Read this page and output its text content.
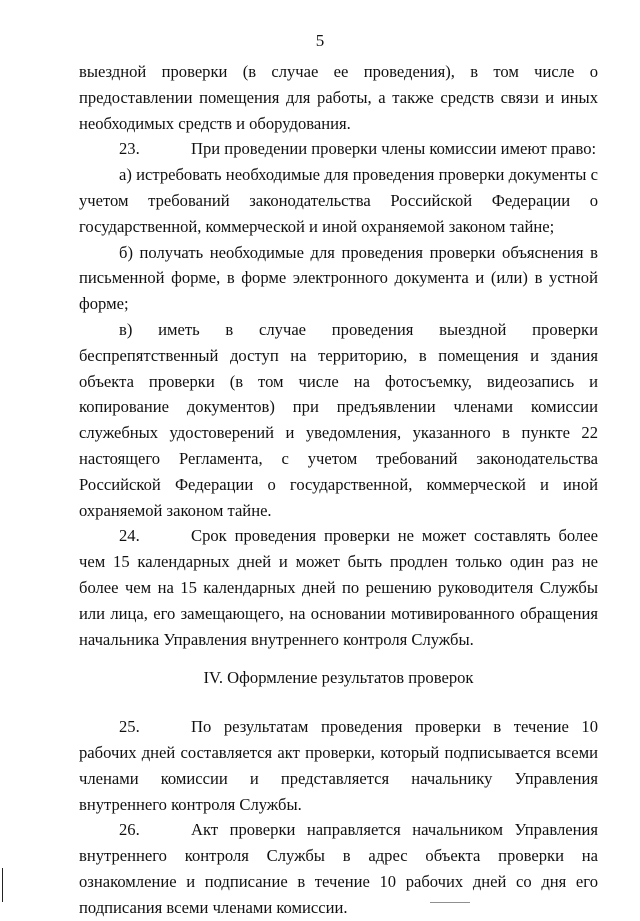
5

выездной проверки (в случае ее проведения), в том числе о предоставлении помещения для работы, а также средств связи и иных необходимых средств и оборудования.

23.	При проведении проверки члены комиссии имеют право:

а) истребовать необходимые для проведения проверки документы с учетом требований законодательства Российской Федерации о государственной, коммерческой и иной охраняемой законом тайне;

б) получать необходимые для проведения проверки объяснения в письменной форме, в форме электронного документа и (или) в устной форме;

в) иметь в случае проведения выездной проверки беспрепятственный доступ на территорию, в помещения и здания объекта проверки (в том числе на фотосъемку, видеозапись и копирование документов) при предъявлении членами комиссии служебных удостоверений и уведомления, указанного в пункте 22 настоящего Регламента, с учетом требований законодательства Российской Федерации о государственной, коммерческой и иной охраняемой законом тайне.

24.	Срок проведения проверки не может составлять более чем 15 календарных дней и может быть продлен только один раз не более чем на 15 календарных дней по решению руководителя Службы или лица, его замещающего, на основании мотивированного обращения начальника Управления внутреннего контроля Службы.

IV. Оформление результатов проверок

25.	По результатам проведения проверки в течение 10 рабочих дней составляется акт проверки, который подписывается всеми членами комиссии и представляется начальнику Управления внутреннего контроля Службы.

26.	Акт проверки направляется начальником Управления внутреннего контроля Службы в адрес объекта проверки на ознакомление и подписание в течение 10 рабочих дней со дня его подписания всеми членами комиссии.
